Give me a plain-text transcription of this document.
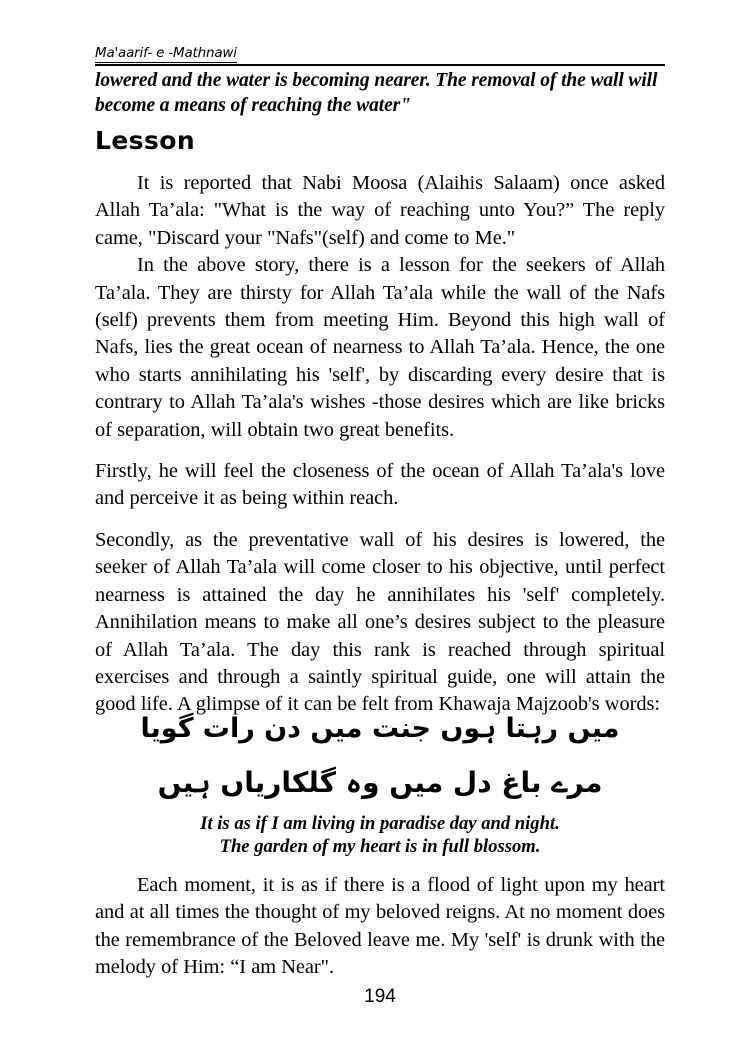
Ma'aarif- e -Mathnawi
lowered and the water is becoming nearer. The removal of the wall will become a means of reaching the water"
Lesson

It is reported that Nabi Moosa (Alaihis Salaam) once asked Allah Ta’ala: "What is the way of reaching unto You?” The reply came, "Discard your "Nafs"(self) and come to Me."

In the above story, there is a lesson for the seekers of Allah Ta’ala. They are thirsty for Allah Ta’ala while the wall of the Nafs (self) prevents them from meeting Him. Beyond this high wall of Nafs, lies the great ocean of nearness to Allah Ta’ala. Hence, the one who starts annihilating his 'self', by discarding every desire that is contrary to Allah Ta’ala's wishes -those desires which are like bricks of separation, will obtain two great benefits.

Firstly, he will feel the closeness of the ocean of Allah Ta’ala's love and perceive it as being within reach.

Secondly, as the preventative wall of his desires is lowered, the seeker of Allah Ta’ala will come closer to his objective, until perfect nearness is attained the day he annihilates his 'self' completely. Annihilation means to make all one’s desires subject to the pleasure of Allah Ta’ala. The day this rank is reached through spiritual exercises and through a saintly spiritual guide, one will attain the good life. A glimpse of it can be felt from Khawaja Majzoob's words:

میں رہتا ہوں جنت میں دن رات گویا
مرے باغ دل میں وہ گلکاریاں ہیں
It is as if I am living in paradise day and night.
The garden of my heart is in full blossom.

Each moment, it is as if there is a flood of light upon my heart and at all times the thought of my beloved reigns. At no moment does the remembrance of the Beloved leave me. My 'self' is drunk with the melody of Him: “I am Near".

194
